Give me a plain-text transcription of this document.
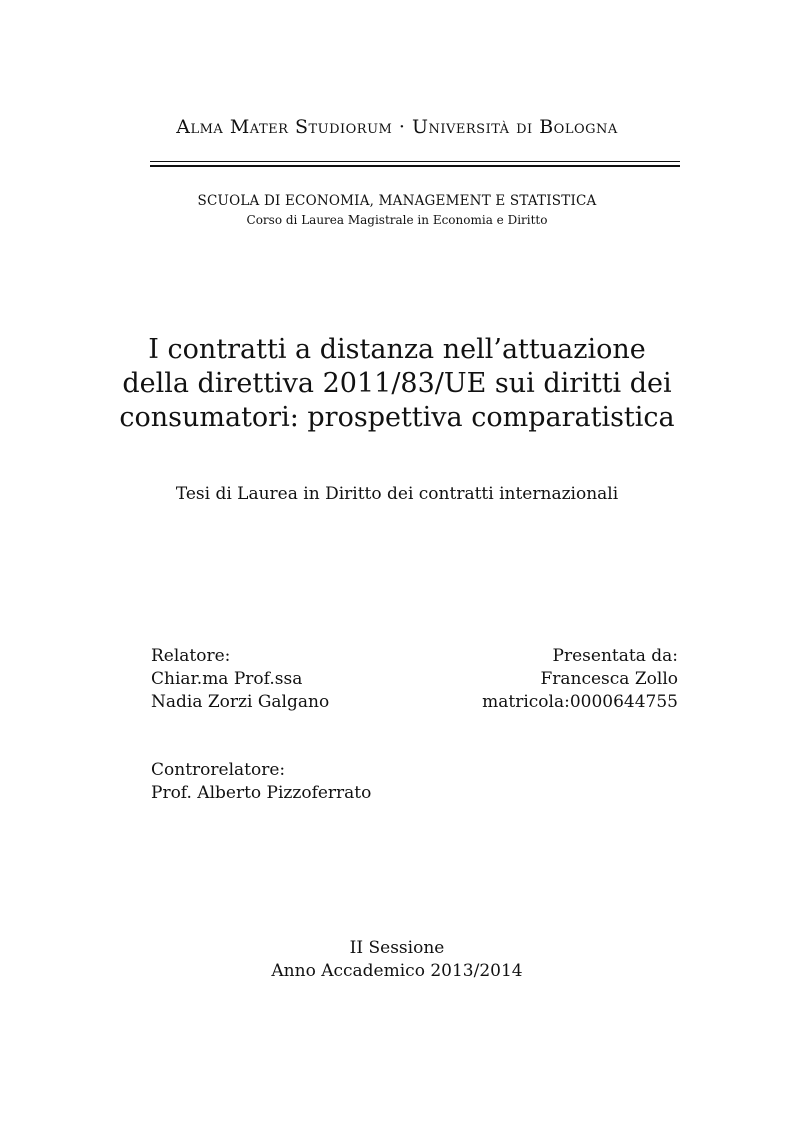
Alma Mater Studiorum · Università di Bologna
SCUOLA DI ECONOMIA, MANAGEMENT E STATISTICA
Corso di Laurea Magistrale in Economia e Diritto
I contratti a distanza nell’attuazione
della direttiva 2011/83/UE sui diritti dei
consumatori: prospettiva comparatistica
Tesi di Laurea in Diritto dei contratti internazionali
Relatore:
Chiar.ma Prof.ssa
Nadia Zorzi Galgano
Presentata da:
Francesca Zollo
matricola:0000644755
Controrelatore:
Prof. Alberto Pizzoferrato
II Sessione
Anno Accademico 2013/2014
